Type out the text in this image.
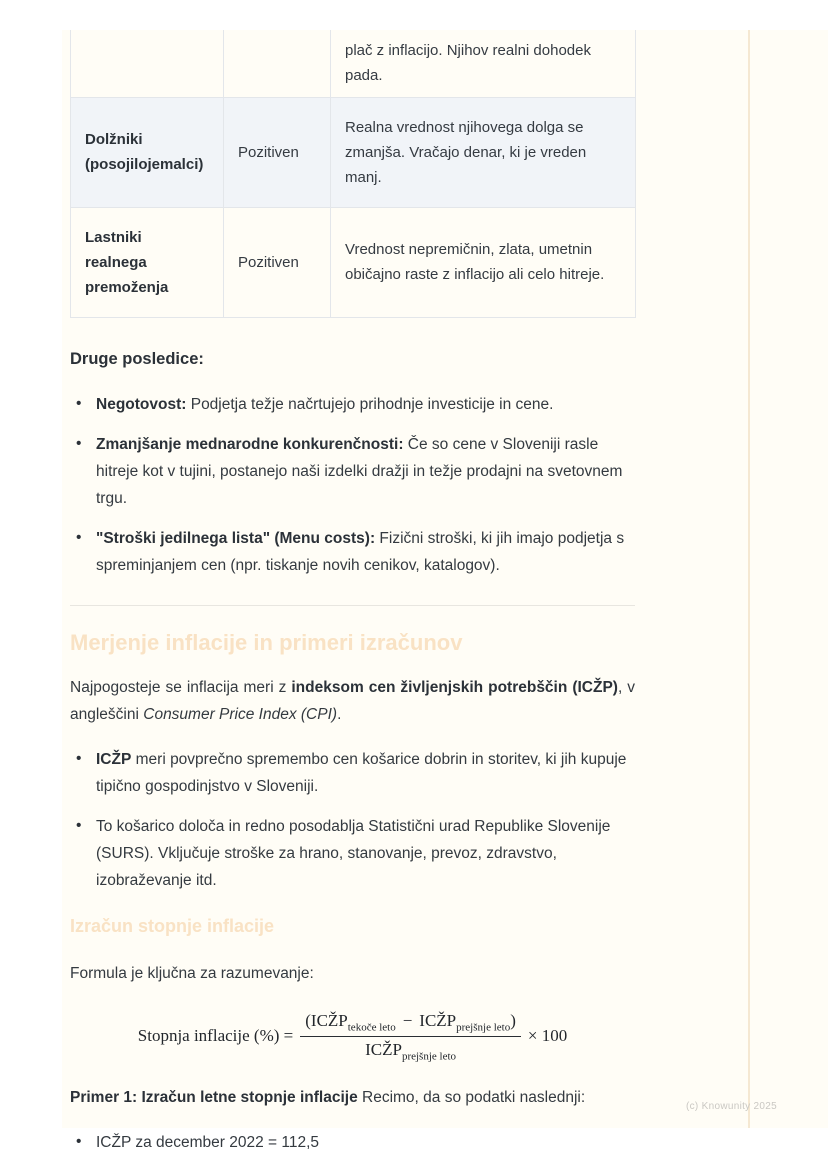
(c) Knowunity 2025
		plač z inflacijo. Njihov realni dohodek pada.

Dolžniki
(posojilojemalci)	Pozitiven	Realna vrednost njihovega dolga se zmanjša. Vračajo denar, ki je vreden manj.

Lastniki
realnega
premoženja	Pozitiven	Vrednost nepremičnin, zlata, umetnin običajno raste z inflacijo ali celo hitreje.

Druge posledice:

• Negotovost: Podjetja težje načrtujejo prihodnje investicije in cene.
• Zmanjšanje mednarodne konkurenčnosti: Če so cene v Sloveniji rasle hitreje kot v tujini, postanejo naši izdelki dražji in težje prodajni na svetovnem trgu.
• "Stroški jedilnega lista" (Menu costs): Fizični stroški, ki jih imajo podjetja s spreminjanjem cen (npr. tiskanje novih cenikov, katalogov).
Merjenje inflacije in primeri izračunov

Najpogosteje se inflacija meri z indeksom cen življenjskih potrebščin (ICŽP), v angleščini Consumer Price Index (CPI).

• ICŽP meri povprečno spremembo cen košarice dobrin in storitev, ki jih kupuje tipično gospodinjstvo v Sloveniji.
• To košarico določa in redno posodablja Statistični urad Republike Slovenije (SURS). Vključuje stroške za hrano, stanovanje, prevoz, zdravstvo, izobraževanje itd.
Izračun stopnje inflacije

Formula je ključna za razumevanje:

Stopnja inflacije (%) = $\frac{(ICŽP_{tekoče leto} - ICŽP_{prejšnje leto})}{ICŽP_{prejšnje leto}} \times 100$

Primer 1: Izračun letne stopnje inflacije Recimo, da so podatki naslednji:

• ICŽP za december 2022 = 112,5
